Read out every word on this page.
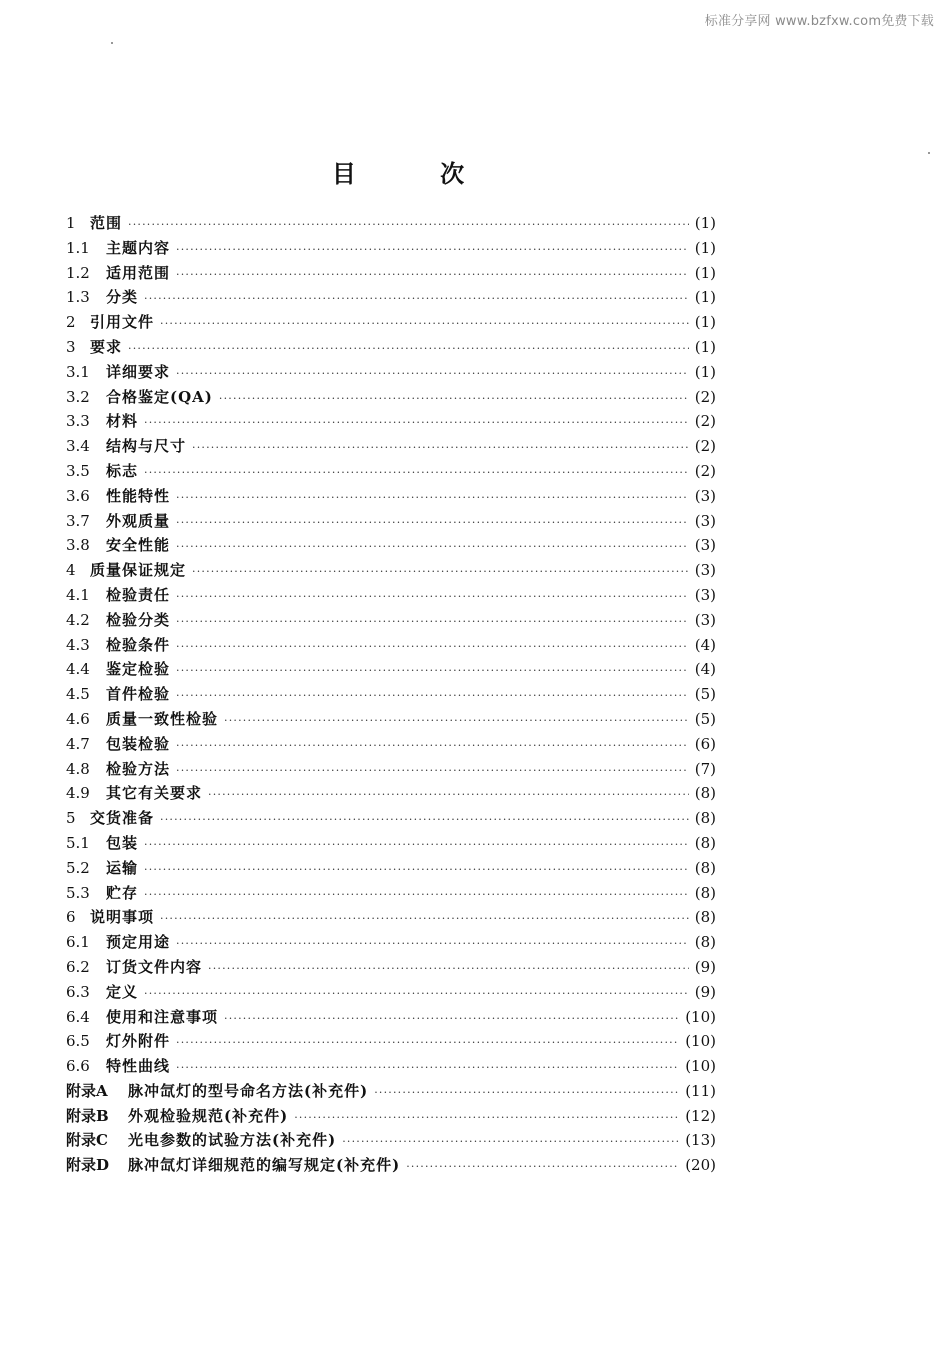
标准分享网 www.bzfxw.com免费下载
目 次
1 范围 ·····	(1)
1.1	主题内容 ·····	(1)
1.2	适用范围 ·····	(1)
1.3	分类 ·····	(1)
2 引用文件 ·····	(1)
3 要求 ·····	(1)
3.1	详细要求 ·····	(1)
3.2	合格鉴定(QA) ·····	(2)
3.3	材料 ·····	(2)
3.4	结构与尺寸 ·····	(2)
3.5	标志 ·····	(2)
3.6	性能特性 ·····	(3)
3.7	外观质量 ·····	(3)
3.8	安全性能 ·····	(3)
4 质量保证规定 ·····	(3)
4.1	检验责任 ·····	(3)
4.2	检验分类 ·····	(3)
4.3	检验条件 ·····	(4)
4.4	鉴定检验 ·····	(4)
4.5	首件检验 ·····	(5)
4.6	质量一致性检验 ·····	(5)
4.7	包装检验 ·····	(6)
4.8	检验方法 ·····	(7)
4.9	其它有关要求 ·····	(8)
5 交货准备 ·····	(8)
5.1	包装 ·····	(8)
5.2	运输 ·····	(8)
5.3	贮存 ·····	(8)
6 说明事项 ·····	(8)
6.1	预定用途 ·····	(8)
6.2	订货文件内容 ·····	(9)
6.3	定义 ·····	(9)
6.4	使用和注意事项 ·····	(10)
6.5	灯外附件 ·····	(10)
6.6	特性曲线 ·····	(10)
附录A	脉冲氙灯的型号命名方法(补充件) ·····	(11)
附录B	外观检验规范(补充件) ·····	(12)
附录C	光电参数的试验方法(补充件) ·····	(13)
附录D	脉冲氙灯详细规范的编写规定(补充件) ·····	(20)
